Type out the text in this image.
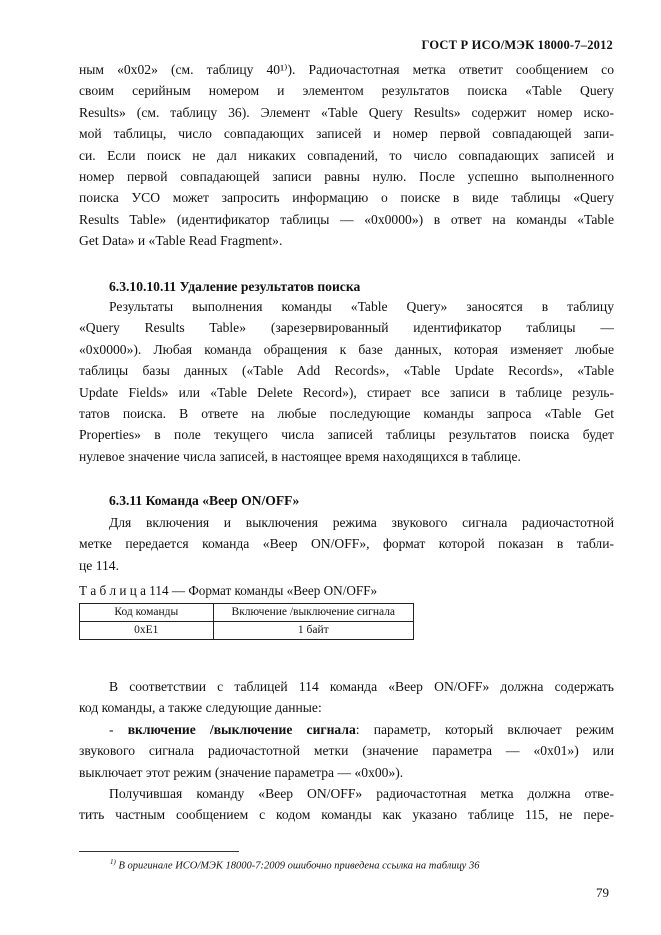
ГОСТ Р ИСО/МЭК 18000-7–2012
ным «0x02» (см. таблицу 40¹⁾). Радиочастотная метка ответит сообщением со
своим серийным номером и элементом результатов поиска «Table Query
Results» (см. таблицу 36). Элемент «Table Query Results» содержит номер иско-
мой таблицы, число совпадающих записей и номер первой совпадающей запи-
си. Если поиск не дал никаких совпадений, то число совпадающих записей и
номер первой совпадающей записи равны нулю. После успешно выполненного
поиска УСО может запросить информацию о поиске в виде таблицы «Query
Results Table» (идентификатор таблицы — «0x0000») в ответ на команды «Table
Get Data» и «Table Read Fragment».
6.3.10.10.11 Удаление результатов поиска
Результаты выполнения команды «Table Query» заносятся в таблицу
«Query Results Table» (зарезервированный идентификатор таблицы —
«0x0000»). Любая команда обращения к базе данных, которая изменяет любые
таблицы базы данных («Table Add Records», «Table Update Records», «Table
Update Fields» или «Table Delete Record»), стирает все записи в таблице резуль-
татов поиска. В ответе на любые последующие команды запроса «Table Get
Properties» в поле текущего числа записей таблицы результатов поиска будет
нулевое значение числа записей, в настоящее время находящихся в таблице.
6.3.11 Команда «Beep ON/OFF»
Для включения и выключения режима звукового сигнала радиочастотной
метке передается команда «Beep ON/OFF», формат которой показан в табли-
це 114.
Т а б л и ц а 114 — Формат команды «Beep ON/OFF»
Код команды	Включение /выключение сигнала
0xE1	1 байт
В соответствии с таблицей 114 команда «Beep ON/OFF» должна содержать
код команды, а также следующие данные:
- включение /выключение сигнала: параметр, который включает режим
звукового сигнала радиочастотной метки (значение параметра — «0x01») или
выключает этот режим (значение параметра — «0x00»).
Получившая команду «Beep ON/OFF» радиочастотная метка должна отве-
тить частным сообщением с кодом команды как указано таблице 115, не пере-
$^{1)}$ В оригинале ИСО/МЭК 18000-7:2009 ошибочно приведена ссылка на таблицу 36
79
